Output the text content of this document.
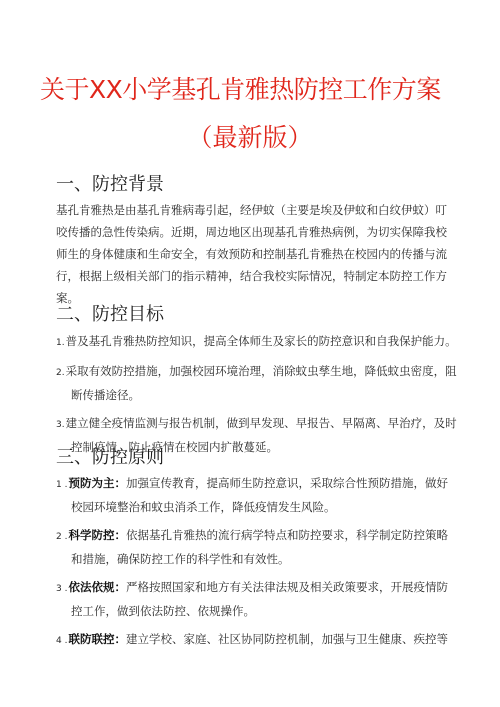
关于XX小学基孔肯雅热防控工作方案
（最新版）
一、防控背景
基孔肯雅热是由基孔肯雅病毒引起，经伊蚊（主要是埃及伊蚊和白纹伊蚊）叮
咬传播的急性传染病。近期，周边地区出现基孔肯雅热病例，为切实保障我校
师生的身体健康和生命安全，有效预防和控制基孔肯雅热在校园内的传播与流
行，根据上级相关部门的指示精神，结合我校实际情况，特制定本防控工作方
案。
二、防控目标
1.普及基孔肯雅热防控知识，提高全体师生及家长的防控意识和自我保护能力。
2.采取有效防控措施，加强校园环境治理，消除蚊虫孳生地，降低蚊虫密度，阻
断传播途径。
3.建立健全疫情监测与报告机制，做到早发现、早报告、早隔离、早治疗，及时
控制疫情，防止疫情在校园内扩散蔓延。
三、防控原则
1 .预防为主：加强宣传教育，提高师生防控意识，采取综合性预防措施，做好
校园环境整治和蚊虫消杀工作，降低疫情发生风险。
2 .科学防控：依据基孔肯雅热的流行病学特点和防控要求，科学制定防控策略
和措施，确保防控工作的科学性和有效性。
3 .依法依规：严格按照国家和地方有关法律法规及相关政策要求，开展疫情防
控工作，做到依法防控、依规操作。
4 .联防联控：建立学校、家庭、社区协同防控机制，加强与卫生健康、疾控等
